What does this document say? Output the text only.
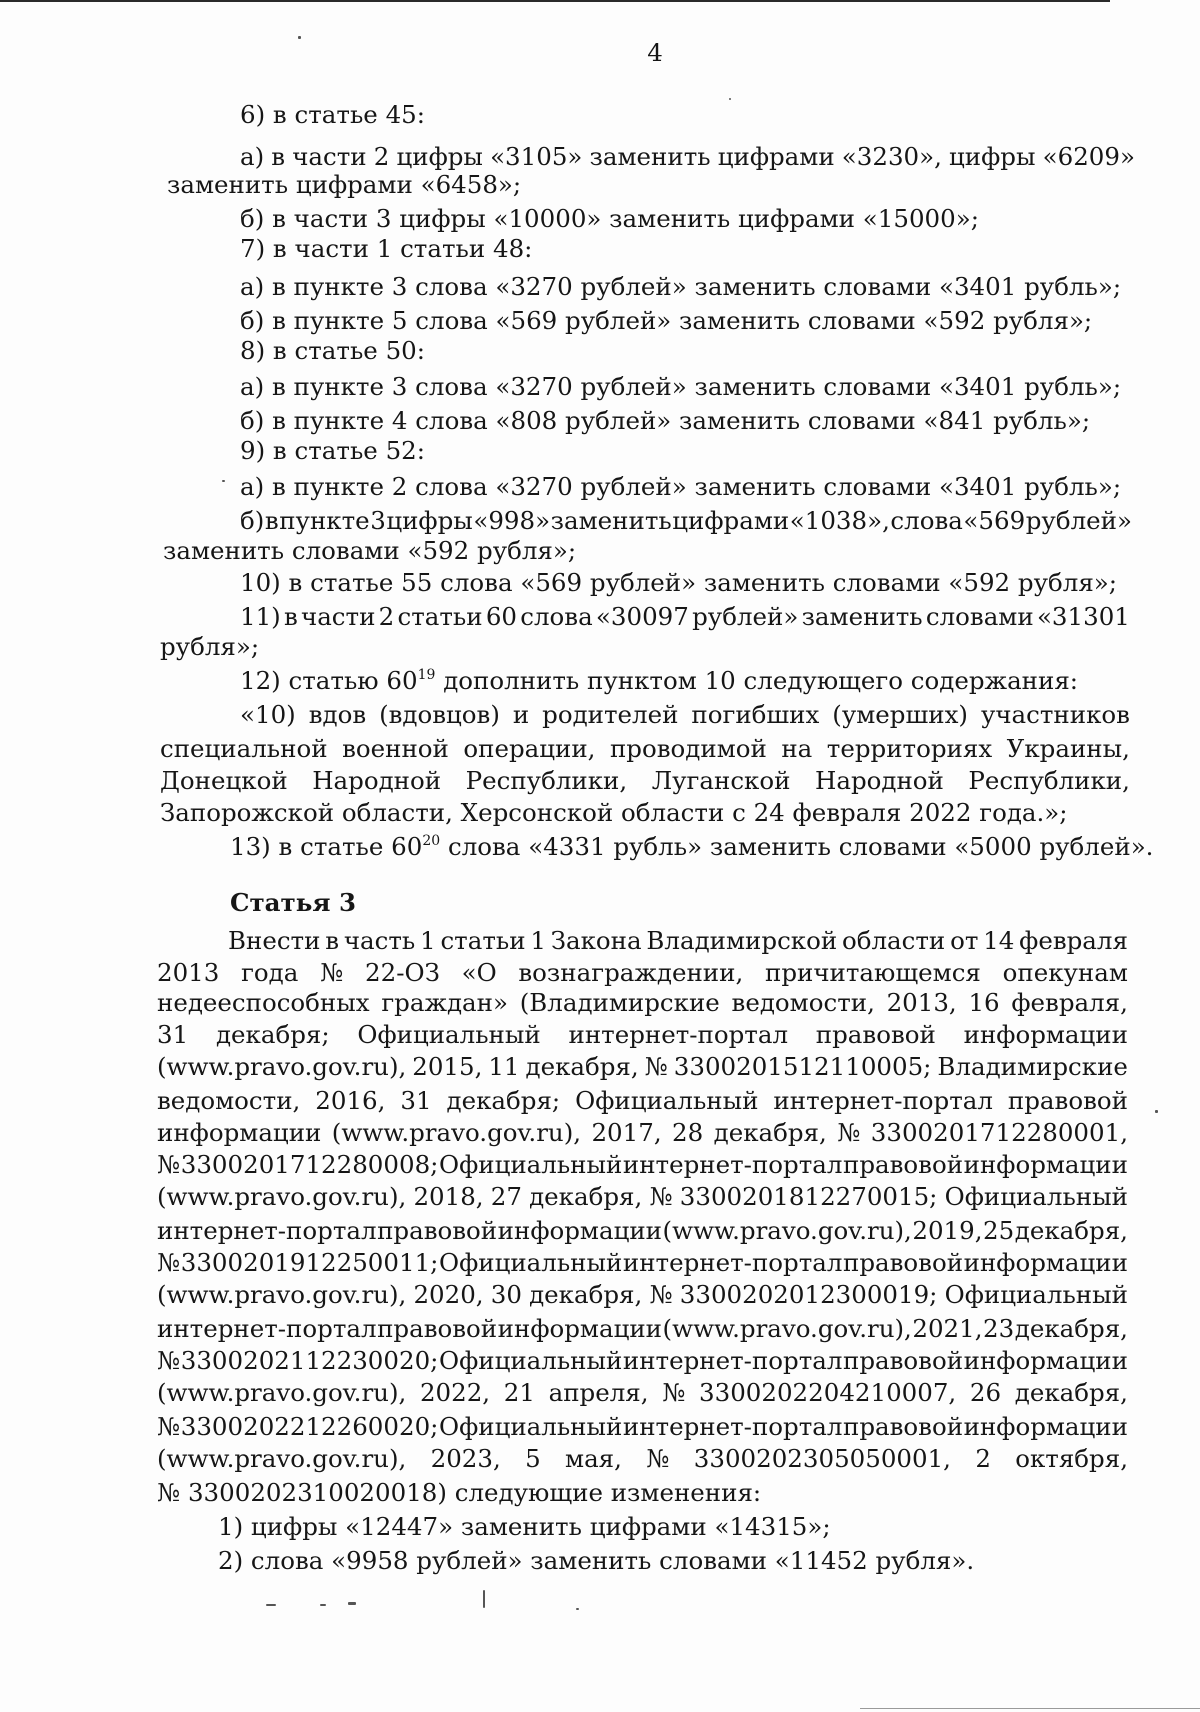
4
6) в статье 45:
а) в части 2 цифры «3105» заменить цифрами «3230», цифры «6209»
заменить цифрами «6458»;
б) в части 3 цифры «10000» заменить цифрами «15000»;
7) в части 1 статьи 48:
а) в пункте 3 слова «3270 рублей» заменить словами «3401 рубль»;
б) в пункте 5 слова «569 рублей» заменить словами «592 рубля»;
8) в статье 50:
а) в пункте 3 слова «3270 рублей» заменить словами «3401 рубль»;
б) в пункте 4 слова «808 рублей» заменить словами «841 рубль»;
9) в статье 52:
а) в пункте 2 слова «3270 рублей» заменить словами «3401 рубль»;
б) в пункте 3 цифры «998» заменить цифрами «1038», слова «569 рублей»
заменить словами «592 рубля»;
10) в статье 55 слова «569 рублей» заменить словами «592 рубля»;
11) в части 2 статьи 60 слова «30097 рублей» заменить словами «31301
рубля»;
12) статью $60^{19}$ дополнить пунктом 10 следующего содержания:
«10) вдов (вдовцов) и родителей погибших (умерших) участников
специальной военной операции, проводимой на территориях Украины,
Донецкой Народной Республики, Луганской Народной Республики,
Запорожской области, Херсонской области с 24 февраля 2022 года.»;
13) в статье $60^{20}$ слова «4331 рубль» заменить словами «5000 рублей».
Статья 3
Внести в часть 1 статьи 1 Закона Владимирской области от 14 февраля
2013 года № 22-ОЗ «О вознаграждении, причитающемся опекунам
недееспособных граждан» (Владимирские ведомости, 2013, 16 февраля,
31 декабря; Официальный интернет-портал правовой информации
(www.pravo.gov.ru), 2015, 11 декабря, № 3300201512110005; Владимирские
ведомости, 2016, 31 декабря; Официальный интернет-портал правовой
информации (www.pravo.gov.ru), 2017, 28 декабря, № 3300201712280001,
№ 3300201712280008; Официальный интернет-портал правовой информации
(www.pravo.gov.ru), 2018, 27 декабря, № 3300201812270015; Официальный
интернет-портал правовой информации (www.pravo.gov.ru), 2019, 25 декабря,
№ 3300201912250011; Официальный интернет-портал правовой информации
(www.pravo.gov.ru), 2020, 30 декабря, № 3300202012300019; Официальный
интернет-портал правовой информации (www.pravo.gov.ru), 2021, 23 декабря,
№ 3300202112230020; Официальный интернет-портал правовой информации
(www.pravo.gov.ru), 2022, 21 апреля, № 3300202204210007, 26 декабря,
№ 3300202212260020; Официальный интернет-портал правовой информации
(www.pravo.gov.ru), 2023, 5 мая, № 3300202305050001, 2 октября,
№ 3300202310020018) следующие изменения:
1) цифры «12447» заменить цифрами «14315»;
2) слова «9958 рублей» заменить словами «11452 рубля».
